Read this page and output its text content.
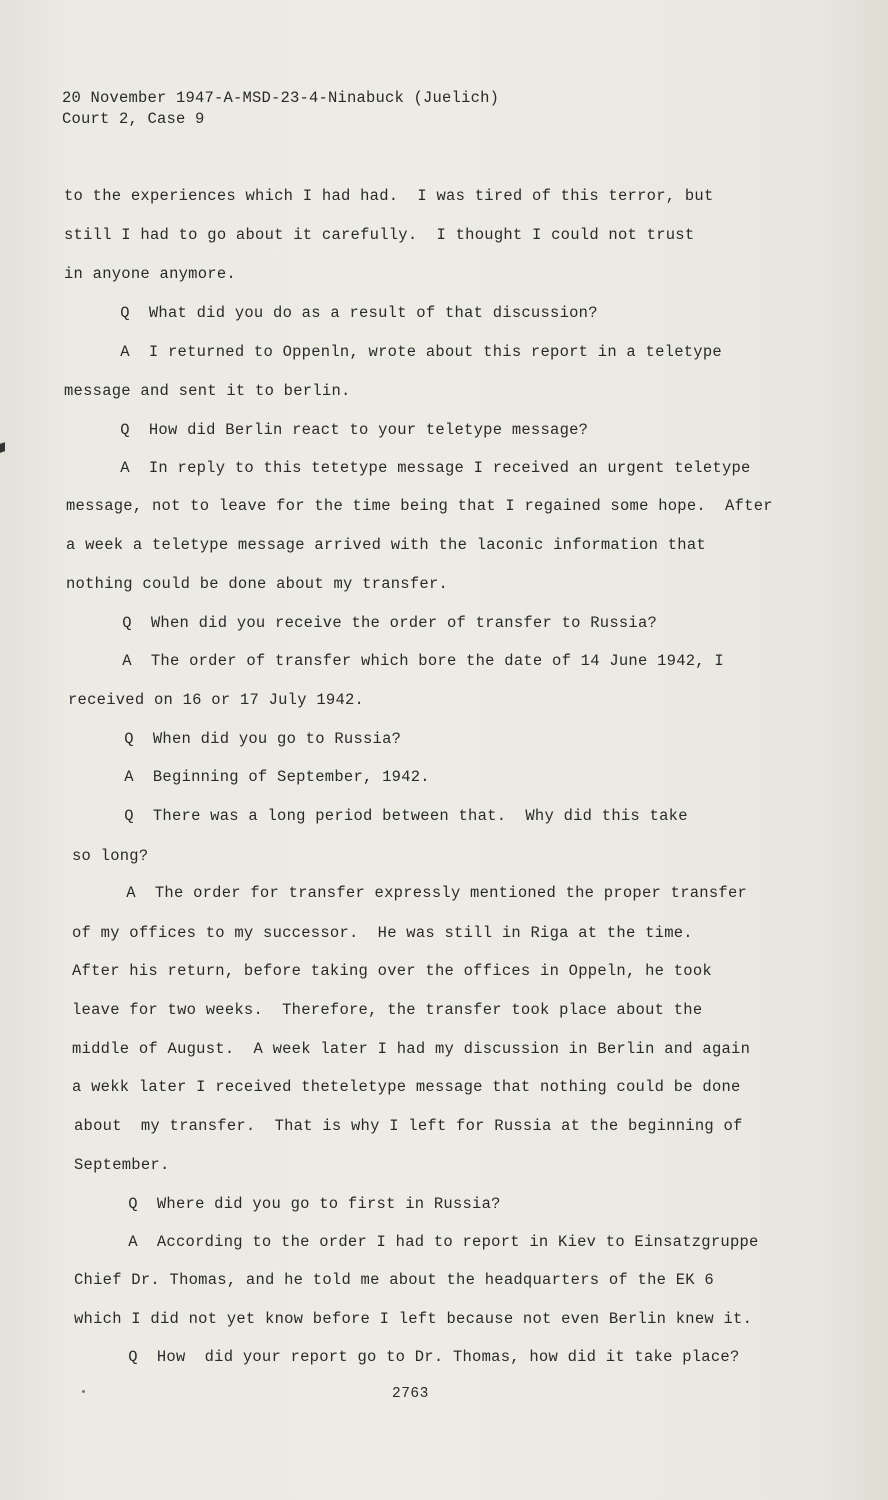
20 November 1947-A-MSD-23-4-Ninabuck (Juelich)
Court 2, Case 9
to the experiences which I had had.  I was tired of this terror, but
still I had to go about it carefully.  I thought I could not trust
in anyone anymore.
Q  What did you do as a result of that discussion?
A  I returned to Oppenln, wrote about this report in a teletype
message and sent it to berlin.
Q  How did Berlin react to your teletype message?
A  In reply to this tetetype message I received an urgent teletype
message, not to leave for the time being that I regained some hope.  After
a week a teletype message arrived with the laconic information that
nothing could be done about my transfer.
Q  When did you receive the order of transfer to Russia?
A  The order of transfer which bore the date of 14 June 1942, I
received on 16 or 17 July 1942.
Q  When did you go to Russia?
A  Beginning of September, 1942.
Q  There was a long period between that.  Why did this take
so long?
A  The order for transfer expressly mentioned the proper transfer
of my offices to my successor.  He was still in Riga at the time.
After his return, before taking over the offices in Oppeln, he took
leave for two weeks.  Therefore, the transfer took place about the
middle of August.  A week later I had my discussion in Berlin and again
a wekk later I received theteletype message that nothing could be done
about  my transfer.  That is why I left for Russia at the beginning of
September.
Q  Where did you go to first in Russia?
A  According to the order I had to report in Kiev to Einsatzgruppe
Chief Dr. Thomas, and he told me about the headquarters of the EK 6
which I did not yet know before I left because not even Berlin knew it.
Q  How  did your report go to Dr. Thomas, how did it take place?
2763
